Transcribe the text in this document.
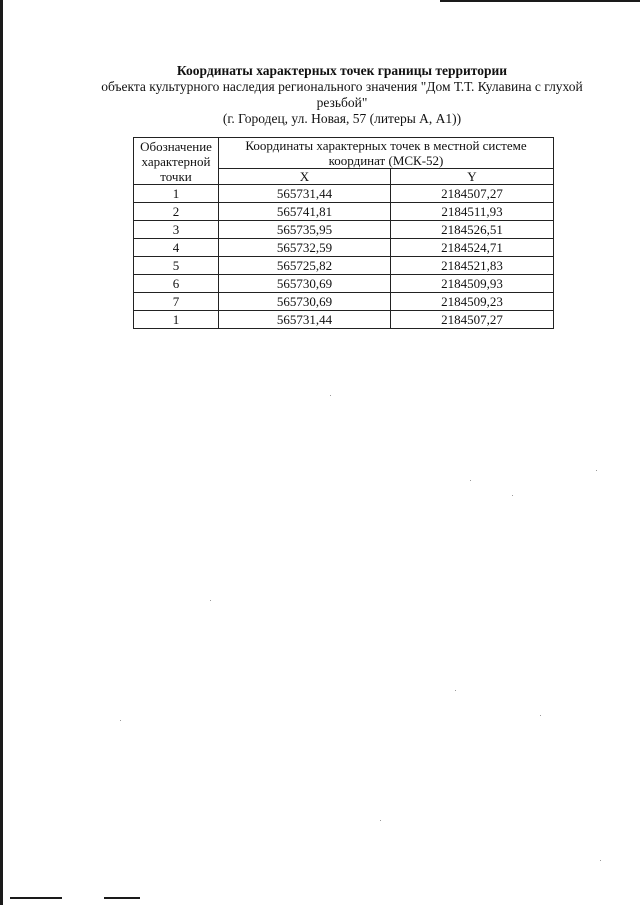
Координаты характерных точек границы территории
объекта культурного наследия регионального значения "Дом Т.Т. Кулавина с глухой резьбой"
(г. Городец, ул. Новая, 57 (литеры А, А1))
Обозначение характерной точки	Координаты характерных точек в местной системе координат (МСК-52)	
	X	Y
1	565731,44	2184507,27
2	565741,81	2184511,93
3	565735,95	2184526,51
4	565732,59	2184524,71
5	565725,82	2184521,83
6	565730,69	2184509,93
7	565730,69	2184509,23
1	565731,44	2184507,27
